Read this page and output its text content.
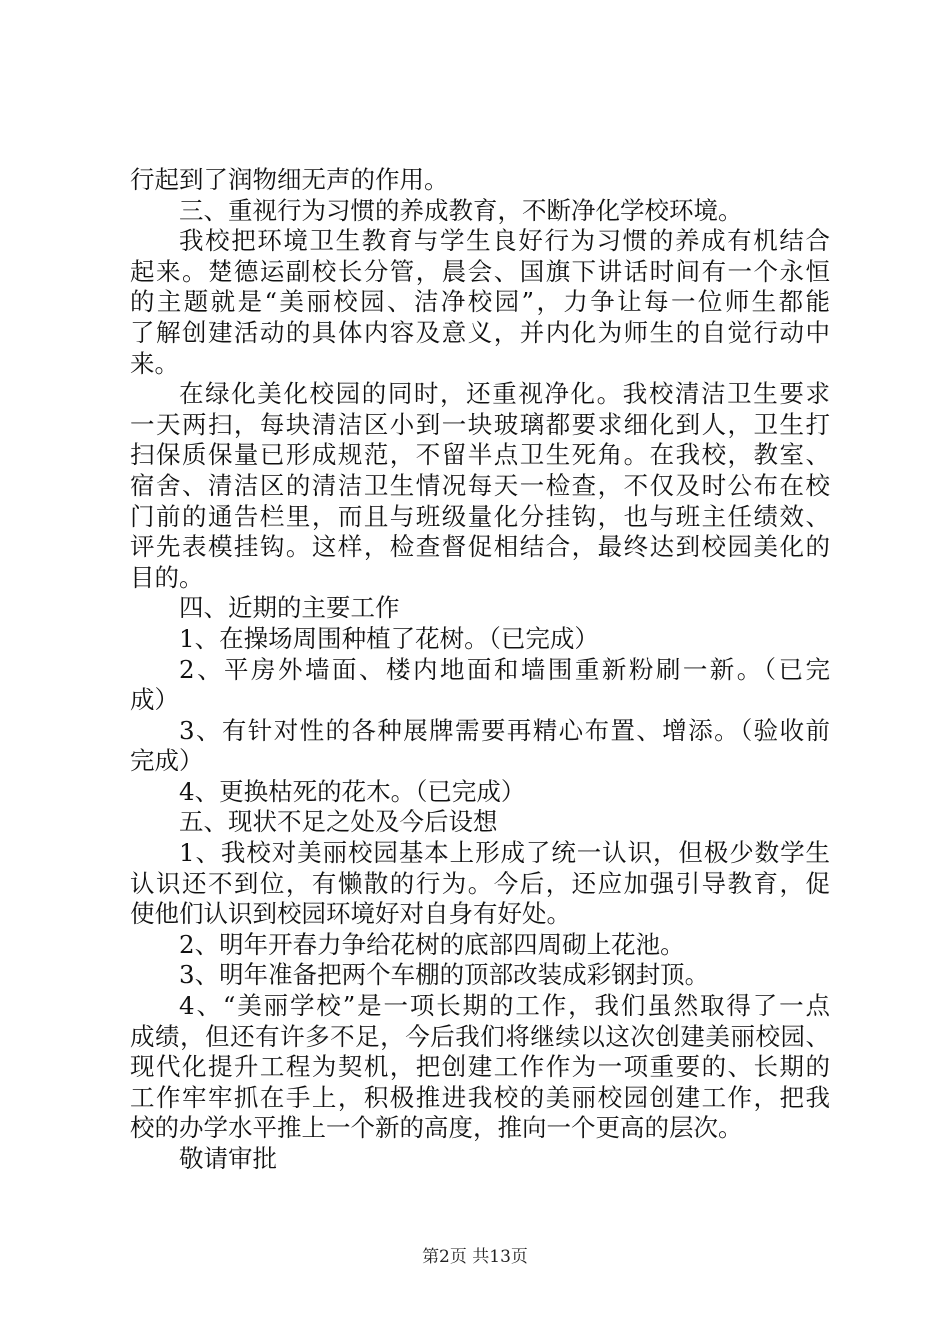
行起到了润物细无声的作用。
三、重视行为习惯的养成教育，不断净化学校环境。
我校把环境卫生教育与学生良好行为习惯的养成有机结合
起来。楚德运副校长分管，晨会、国旗下讲话时间有一个永恒
的主题就是“美丽校园、洁净校园”，力争让每一位师生都能
了解创建活动的具体内容及意义，并内化为师生的自觉行动中
来。
在绿化美化校园的同时，还重视净化。我校清洁卫生要求
一天两扫，每块清洁区小到一块玻璃都要求细化到人，卫生打
扫保质保量已形成规范，不留半点卫生死角。在我校，教室、
宿舍、清洁区的清洁卫生情况每天一检查，不仅及时公布在校
门前的通告栏里，而且与班级量化分挂钩，也与班主任绩效、
评先表模挂钩。这样，检查督促相结合，最终达到校园美化的
目的。
四、近期的主要工作
1、在操场周围种植了花树。（已完成）
2、平房外墙面、楼内地面和墙围重新粉刷一新。（已完
成）
3、有针对性的各种展牌需要再精心布置、增添。（验收前
完成）
4、更换枯死的花木。（已完成）
五、现状不足之处及今后设想
1、我校对美丽校园基本上形成了统一认识，但极少数学生
认识还不到位，有懒散的行为。今后，还应加强引导教育，促
使他们认识到校园环境好对自身有好处。
2、明年开春力争给花树的底部四周砌上花池。
3、明年准备把两个车棚的顶部改装成彩钢封顶。
4、“美丽学校”是一项长期的工作，我们虽然取得了一点
成绩，但还有许多不足，今后我们将继续以这次创建美丽校园、
现代化提升工程为契机，把创建工作作为一项重要的、长期的
工作牢牢抓在手上，积极推进我校的美丽校园创建工作，把我
校的办学水平推上一个新的高度，推向一个更高的层次。
敬请审批
第2页 共13页
